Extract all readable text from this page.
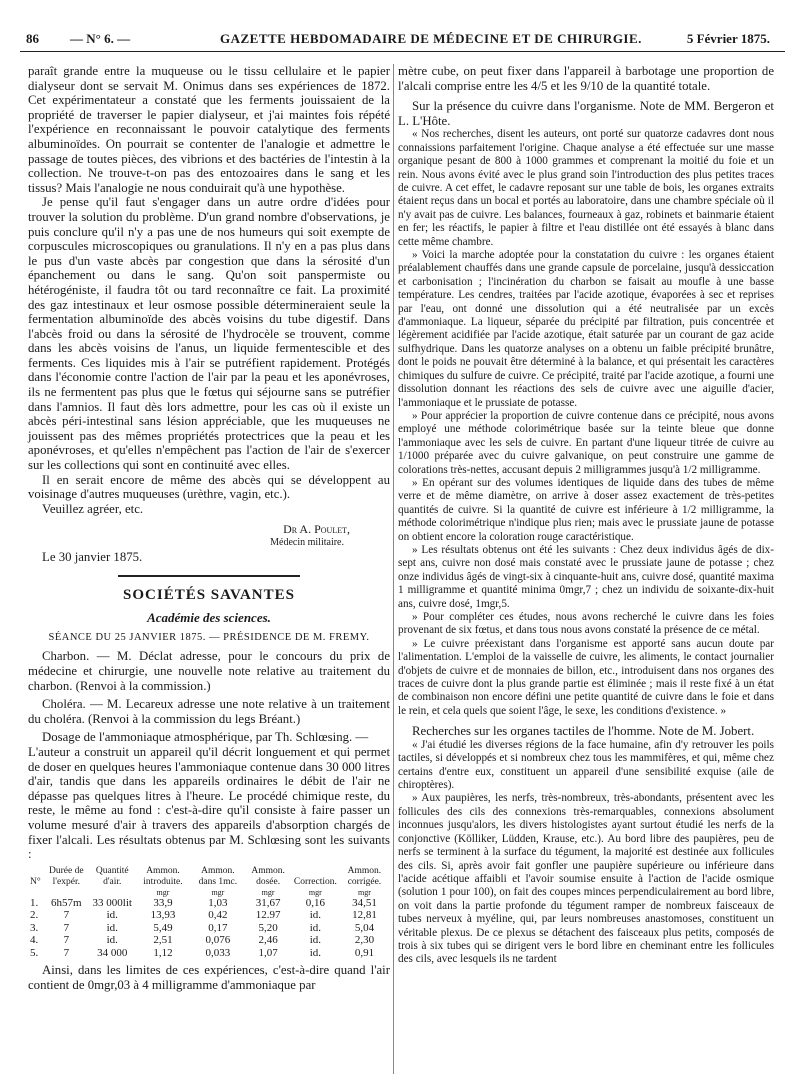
86 — N° 6. —	GAZETTE HEBDOMADAIRE DE MÉDECINE ET DE CHIRURGIE.	5 Février 1875.

paraît grande entre la muqueuse ou le tissu cellulaire et le papier dialyseur dont se servait M. Onimus dans ses expériences de 1872. Cet expérimentateur a constaté que les ferments jouissaient de la propriété de traverser le papier dialyseur, et j'ai maintes fois répété l'expérience en reconnaissant le pouvoir catalytique des ferments albuminoïdes. On pourrait se contenter de l'analogie et admettre le passage de toutes pièces, des vibrions et des bactéries de l'intestin à la collection. Ne trouve-t-on pas des entozoaires dans le sang et les tissus? Mais l'analogie ne nous conduirait qu'à une hypothèse.

Je pense qu'il faut s'engager dans un autre ordre d'idées pour trouver la solution du problème. D'un grand nombre d'observations, je puis conclure qu'il n'y a pas une de nos humeurs qui soit exempte de corpuscules microscopiques ou granulations. Il n'y en a pas plus dans le pus d'un vaste abcès par congestion que dans la sérosité d'un épanchement ou dans le sang. Qu'on soit panspermiste ou hétérogéniste, il faudra tôt ou tard reconnaître ce fait. La proximité des gaz intestinaux et leur osmose possible détermineraient seule la fermentation albuminoïde des abcès voisins du tube digestif. Dans l'abcès froid ou dans la sérosité de l'hydrocèle se trouvent, comme dans les abcès voisins de l'anus, un liquide fermentescible et des ferments. Ces liquides mis à l'air se putréfient rapidement. Protégés dans l'économie contre l'action de l'air par la peau et les aponévroses, ils ne fermentent pas plus que le fœtus qui séjourne sans se putréfier dans l'amnios. Il faut dès lors admettre, pour les cas où il existe un abcès péri-intestinal sans lésion appréciable, que les muqueuses ne jouissent pas des mêmes propriétés protectrices que la peau et les aponévroses, et qu'elles n'empêchent pas l'action de l'air de s'exercer sur les collections qui sont en continuité avec elles.

Il en serait encore de même des abcès qui se développent au voisinage d'autres muqueuses (urèthre, vagin, etc.).

Veuillez agréer, etc.

Dr A. Poulet,
Médecin militaire.
Le 30 janvier 1875.
SOCIÉTÉS SAVANTES
Académie des sciences.
SÉANCE DU 25 JANVIER 1875. — PRÉSIDENCE DE M. FREMY.

Charbon. — M. Déclat adresse, pour le concours du prix de médecine et chirurgie, une nouvelle note relative au traitement du charbon. (Renvoi à la commission.)

Choléra. — M. Lecareux adresse une note relative à un traitement du choléra. (Renvoi à la commission du legs Bréant.)

Dosage de l'ammoniaque atmosphérique, par Th. Schlœsing. —

L'auteur a construit un appareil qu'il décrit longuement et qui permet de doser en quelques heures l'ammoniaque contenue dans 30 000 litres d'air, tandis que dans les appareils ordinaires le débit de l'air ne dépasse pas quelques litres à l'heure. Le procédé chimique reste, du reste, le même au fond : c'est-à-dire qu'il consiste à faire passer un volume mesuré d'air à travers des appareils d'absorption chargés de fixer l'alcali. Les résultats obtenus par M. Schlœsing sont les suivants :

N°	Durée de l'expér.	Quantité d'air.	Ammon. introduite.	Ammon. dans 1mc.	Ammon. dosée.	Correction.	Ammon. corrigée.
			mgr	mgr	mgr	mgr	mgr
1.	6h57m	33 000lit	33,9	1,03	31,67	0,16	34,51
2.	7	id.	13,93	0,42	12.97	id.	12,81
3.	7	id.	5,49	0,17	5,20	id.	5,04
4.	7	id.	2,51	0,076	2,46	id.	2,30
5.	7	34 000	1,12	0,033	1,07	id.	0,91

Ainsi, dans les limites de ces expériences, c'est-à-dire quand l'air contient de 0mgr,03 à 4 milligramme d'ammoniaque par

mètre cube, on peut fixer dans l'appareil à barbotage une proportion de l'alcali comprise entre les 4/5 et les 9/10 de la quantité totale.

Sur la présence du cuivre dans l'organisme. Note de MM. Bergeron et L. L'Hôte.

« Nos recherches, disent les auteurs, ont porté sur quatorze cadavres dont nous connaissions parfaitement l'origine. Chaque analyse a été effectuée sur une masse organique pesant de 800 à 1000 grammes et comprenant la moitié du foie et un rein. Nous avons évité avec le plus grand soin l'introduction des plus petites traces de cuivre. A cet effet, le cadavre reposant sur une table de bois, les organes extraits étaient reçus dans un bocal et portés au laboratoire, dans une chambre spéciale où il n'y avait pas de cuivre. Les balances, fourneaux à gaz, robinets et bainmarie étaient en fer; les réactifs, le papier à filtre et l'eau distillée ont été essayés à blanc dans cette même chambre.

» Voici la marche adoptée pour la constatation du cuivre : les organes étaient préalablement chauffés dans une grande capsule de porcelaine, jusqu'à dessiccation et carbonisation ; l'incinération du charbon se faisait au moufle à une basse température. Les cendres, traitées par l'acide azotique, évaporées à sec et reprises par l'eau, ont donné une dissolution qui a été neutralisée par un excès d'ammoniaque. La liqueur, séparée du précipité par filtration, puis concentrée et légèrement acidifiée par l'acide azotique, était saturée par un courant de gaz acide sulfhydrique. Dans les quatorze analyses on a obtenu un faible précipité brunâtre, dont le poids ne pouvait être déterminé à la balance, et qui présentait les caractères chimiques du sulfure de cuivre. Ce précipité, traité par l'acide azotique, a fourni une dissolution donnant les réactions des sels de cuivre avec une aiguille d'acier, l'ammoniaque et le prussiate de potasse.

» Pour apprécier la proportion de cuivre contenue dans ce précipité, nous avons employé une méthode colorimétrique basée sur la teinte bleue que donne l'ammoniaque avec les sels de cuivre. En partant d'une liqueur titrée de cuivre au 1/1000 préparée avec du cuivre galvanique, on peut construire une gamme de colorations très-nettes, accusant depuis 2 milligrammes jusqu'à 1/2 milligramme.

» En opérant sur des volumes identiques de liquide dans des tubes de même verre et de même diamètre, on arrive à doser assez exactement de très-petites quantités de cuivre. Si la quantité de cuivre est inférieure à 1/2 milligramme, la méthode colorimétrique n'indique plus rien; mais avec le prussiate jaune de potasse on obtient encore la coloration rouge caractéristique.

» Les résultats obtenus ont été les suivants : Chez deux individus âgés de dix-sept ans, cuivre non dosé mais constaté avec le prussiate jaune de potasse ; chez onze individus âgés de vingt-six à cinquante-huit ans, cuivre dosé, quantité maxima 1 milligramme et quantité minima 0mgr,7 ; chez un individu de soixante-dix-huit ans, cuivre dosé, 1mgr,5.

» Pour compléter ces études, nous avons recherché le cuivre dans les foies provenant de six fœtus, et dans tous nous avons constaté la présence de ce métal.

» Le cuivre préexistant dans l'organisme est apporté sans aucun doute par l'alimentation. L'emploi de la vaisselle de cuivre, les aliments, le contact journalier d'objets de cuivre et de monnaies de billon, etc., introduisent dans nos organes des traces de cuivre dont la plus grande partie est éliminée ; mais il reste fixé à un état de combinaison non encore défini une petite quantité de cuivre dans le foie et dans le rein, et cela quels que soient l'âge, le sexe, les conditions d'existence. »

Recherches sur les organes tactiles de l'homme. Note de M. Jobert.

« J'ai étudié les diverses régions de la face humaine, afin d'y retrouver les poils tactiles, si développés et si nombreux chez tous les mammifères, et qui, même chez certains d'entre eux, constituent un appareil d'une sensibilité exquise (aile de chiroptères).

» Aux paupières, les nerfs, très-nombreux, très-abondants, présentent avec les follicules des cils des connexions très-remarquables, connexions absolument inconnues jusqu'alors, les divers histologistes ayant surtout étudié les nerfs de la conjonctive (Kölliker, Lüdden, Krause, etc.). Au bord libre des paupières, peu de nerfs se terminent à la surface du tégument, la majorité est destinée aux follicules des cils. Si, après avoir fait gonfler une paupière supérieure ou inférieure dans l'acide acétique affaibli et l'avoir soumise ensuite à l'action de l'acide osmique (solution 1 pour 100), on fait des coupes minces perpendiculairement au bord libre, on voit dans la partie profonde du tégument ramper de nombreux faisceaux de tubes nerveux à myéline, qui, par leurs nombreuses anastomoses, constituent un véritable plexus. De ce plexus se détachent des faisceaux plus petits, composés de trois à six tubes qui se dirigent vers le bord libre en cheminant entre les follicules des cils, avec lesquels ils ne tardent
